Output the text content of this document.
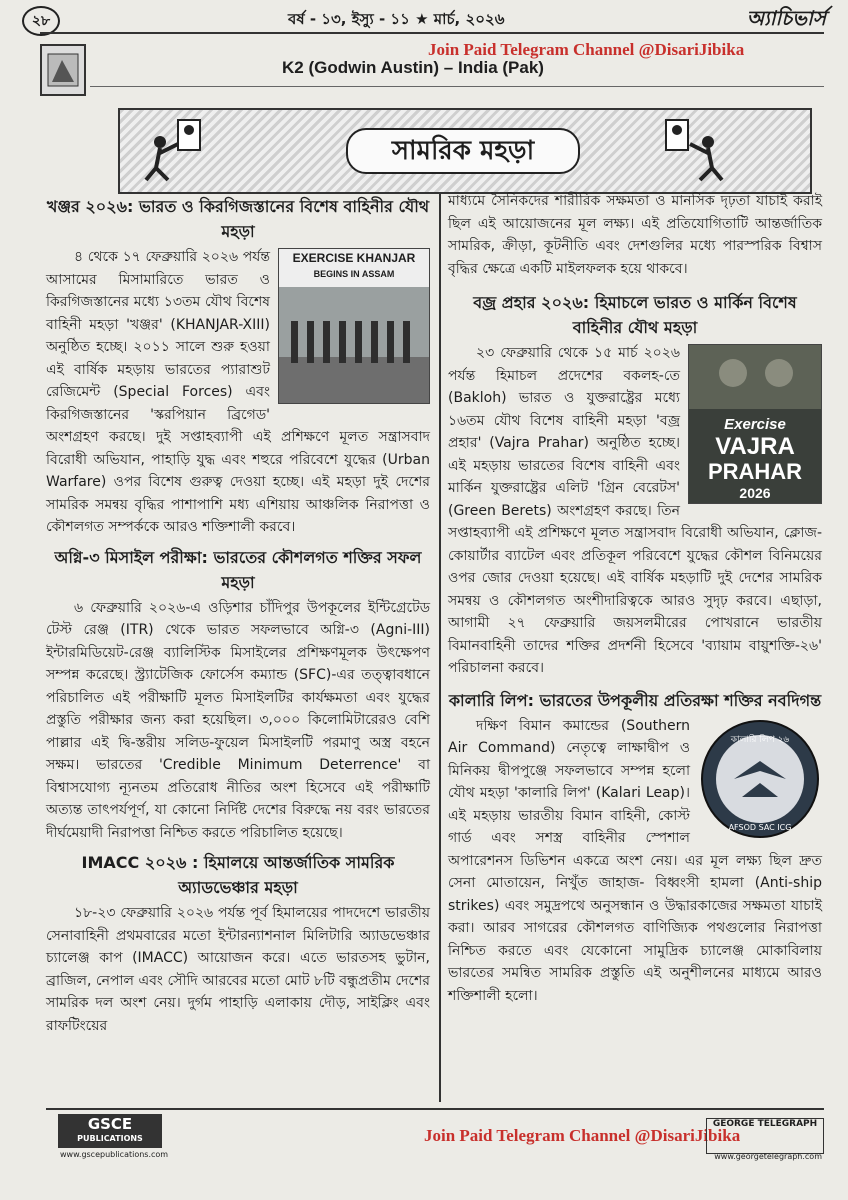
২৮	বর্ষ - ১৩, ইস্যু - ১১ ★ মার্চ, ২০২৬	অ্যাচিভার্স
Join Paid Telegram Channel @DisariJibika
K2 (Godwin Austin) – India (Pak)
সামরিক মহড়া
খঞ্জর ২০২৬: ভারত ও কিরগিজস্তানের বিশেষ বাহিনীর যৌথ মহড়া
EXERCISE KHANJAR
BEGINS IN ASSAM

৪ থেকে ১৭ ফেব্রুয়ারি ২০২৬ পর্যন্ত আসামের মিসামারিতে ভারত ও কিরগিজস্তানের মধ্যে ১৩তম যৌথ বিশেষ বাহিনী মহড়া 'খঞ্জর' (KHANJAR-XIII) অনুষ্ঠিত হচ্ছে। ২০১১ সালে শুরু হওয়া এই বার্ষিক মহড়ায় ভারতের প্যারাশুট রেজিমেন্ট (Special Forces) এবং কিরগিজস্তানের 'স্করপিয়ান ব্রিগেড' অংশগ্রহণ করছে। দুই সপ্তাহব্যাপী এই প্রশিক্ষণে মূলত সন্ত্রাসবাদ বিরোধী অভিযান, পাহাড়ি যুদ্ধ এবং শহুরে পরিবেশে যুদ্ধের (Urban Warfare) ওপর বিশেষ গুরুত্ব দেওয়া হচ্ছে। এই মহড়া দুই দেশের সামরিক সমন্বয় বৃদ্ধির পাশাপাশি মধ্য এশিয়ায় আঞ্চলিক নিরাপত্তা ও কৌশলগত সম্পর্ককে আরও শক্তিশালী করবে।

অগ্নি-৩ মিসাইল পরীক্ষা: ভারতের কৌশলগত শক্তির সফল মহড়া

৬ ফেব্রুয়ারি ২০২৬-এ ওড়িশার চাঁদিপুর উপকূলের ইন্টিগ্রেটেড টেস্ট রেঞ্জ (ITR) থেকে ভারত সফলভাবে অগ্নি-৩ (Agni-III) ইন্টারমিডিয়েট-রেঞ্জ ব্যালিস্টিক মিসাইলের প্রশিক্ষণমূলক উৎক্ষেপণ সম্পন্ন করেছে। স্ট্র্যাটেজিক ফোর্সেস কম্যান্ড (SFC)-এর তত্ত্বাবধানে পরিচালিত এই পরীক্ষাটি মূলত মিসাইলটির কার্যক্ষমতা এবং যুদ্ধের প্রস্তুতি পরীক্ষার জন্য করা হয়েছিল। ৩,০০০ কিলোমিটারেরও বেশি পাল্লার এই দ্বি-স্তরীয় সলিড-ফুয়েল মিসাইলটি পরমাণু অস্ত্র বহনে সক্ষম। ভারতের 'Credible Minimum Deterrence' বা বিশ্বাসযোগ্য ন্যূনতম প্রতিরোধ নীতির অংশ হিসেবে এই পরীক্ষাটি অত্যন্ত তাৎপর্যপূর্ণ, যা কোনো নির্দিষ্ট দেশের বিরুদ্ধে নয় বরং ভারতের দীর্ঘমেয়াদী নিরাপত্তা নিশ্চিত করতে পরিচালিত হয়েছে।

IMACC ২০২৬ : হিমালয়ে আন্তর্জাতিক সামরিক অ্যাডভেঞ্চার মহড়া

১৮-২৩ ফেব্রুয়ারি ২০২৬ পর্যন্ত পূর্ব হিমালয়ের পাদদেশে ভারতীয় সেনাবাহিনী প্রথমবারের মতো ইন্টারন্যাশনাল মিলিটারি অ্যাডভেঞ্চার চ্যালেঞ্জ কাপ (IMACC) আয়োজন করে। এতে ভারতসহ ভুটান, ব্রাজিল, নেপাল এবং সৌদি আরবের মতো মোট ৮টি বন্ধুপ্রতীম দেশের সামরিক দল অংশ নেয়। দুর্গম পাহাড়ি এলাকায় দৌড়, সাইক্লিং এবং রাফটিংয়ের

মাধ্যমে সৈনিকদের শারীরিক সক্ষমতা ও মানসিক দৃঢ়তা যাচাই করাই ছিল এই আয়োজনের মূল লক্ষ্য। এই প্রতিযোগিতাটি আন্তর্জাতিক সামরিক, ক্রীড়া, কূটনীতি এবং দেশগুলির মধ্যে পারস্পরিক বিশ্বাস বৃদ্ধির ক্ষেত্রে একটি মাইলফলক হয়ে থাকবে।

বজ্র প্রহার ২০২৬: হিমাচলে ভারত ও মার্কিন বিশেষ বাহিনীর যৌথ মহড়া
Exercise
VAJRA
PRAHAR
2026

২৩ ফেব্রুয়ারি থেকে ১৫ মার্চ ২০২৬ পর্যন্ত হিমাচল প্রদেশের বকলহ-তে (Bakloh) ভারত ও যুক্তরাষ্ট্রের মধ্যে ১৬তম যৌথ বিশেষ বাহিনী মহড়া 'বজ্র প্রহার' (Vajra Prahar) অনুষ্ঠিত হচ্ছে। এই মহড়ায় ভারতের বিশেষ বাহিনী এবং মার্কিন যুক্তরাষ্ট্রের এলিট 'গ্রিন বেরেটস' (Green Berets) অংশগ্রহণ করছে। তিন সপ্তাহব্যাপী এই প্রশিক্ষণে মূলত সন্ত্রাসবাদ বিরোধী অভিযান, ক্লোজ-কোয়ার্টার ব্যাটেল এবং প্রতিকূল পরিবেশে যুদ্ধের কৌশল বিনিময়ের ওপর জোর দেওয়া হয়েছে। এই বার্ষিক মহড়াটি দুই দেশের সামরিক সমন্বয় ও কৌশলগত অংশীদারিত্বকে আরও সুদৃঢ় করবে। এছাড়া, আগামী ২৭ ফেব্রুয়ারি জয়সলমীরের পোখরানে ভারতীয় বিমানবাহিনী তাদের শক্তির প্রদর্শনী হিসেবে 'ব্যায়াম বায়ুশক্তি-২৬' পরিচালনা করবে।

কালারি লিপ: ভারতের উপকূলীয় প্রতিরক্ষা শক্তির নবদিগন্ত
কালারি লিপ ২৬
AFSOD SAC ICG

দক্ষিণ বিমান কমান্ডের (Southern Air Command) নেতৃত্বে লাক্ষাদ্বীপ ও মিনিকয় দ্বীপপুঞ্জে সফলভাবে সম্পন্ন হলো যৌথ মহড়া 'কালারি লিপ' (Kalari Leap)। এই মহড়ায় ভারতীয় বিমান বাহিনী, কোস্ট গার্ড এবং সশস্ত্র বাহিনীর স্পেশাল অপারেশনস ডিভিশন একত্রে অংশ নেয়। এর মূল লক্ষ্য ছিল দ্রুত সেনা মোতায়েন, নিখুঁত জাহাজ- বিধ্বংসী হামলা (Anti-ship strikes) এবং সমুদ্রপথে অনুসন্ধান ও উদ্ধারকাজের সক্ষমতা যাচাই করা। আরব সাগরের কৌশলগত বাণিজ্যিক পথগুলোর নিরাপত্তা নিশ্চিত করতে এবং যেকোনো সামুদ্রিক চ্যালেঞ্জ মোকাবিলায় ভারতের সমন্বিত সামরিক প্রস্তুতি এই অনুশীলনের মাধ্যমে আরও শক্তিশালী হলো।

GSCE
PUBLICATIONS
www.gscepublications.com
Join Paid Telegram Channel @DisariJibika
GEORGE TELEGRAPH
www.georgetelegraph.com
